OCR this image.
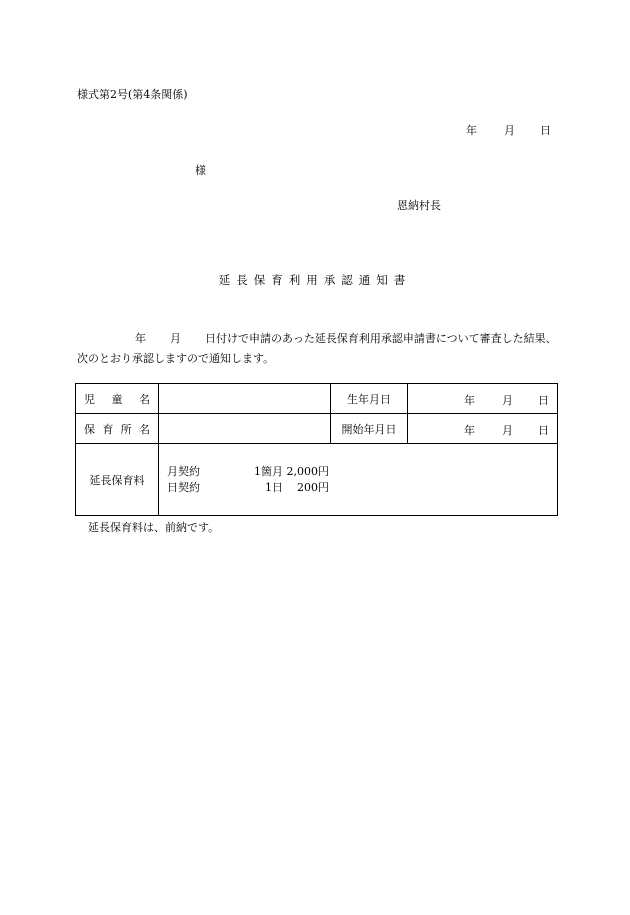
様式第2号(第4条関係)
年 月 日
様
恩納村長
延長保育利用承認通知書
年 月 日付けで申請のあった延長保育利用承認申請書について審査した結果、次のとおり承認しますので通知します。
児 童 名		生年月日	年 月 日

保 育 所 名		開始年月日	年 月 日

延長保育料	月契約 1箇月 2,000円
日契約 1日 200円		
延長保育料は、前納です。
